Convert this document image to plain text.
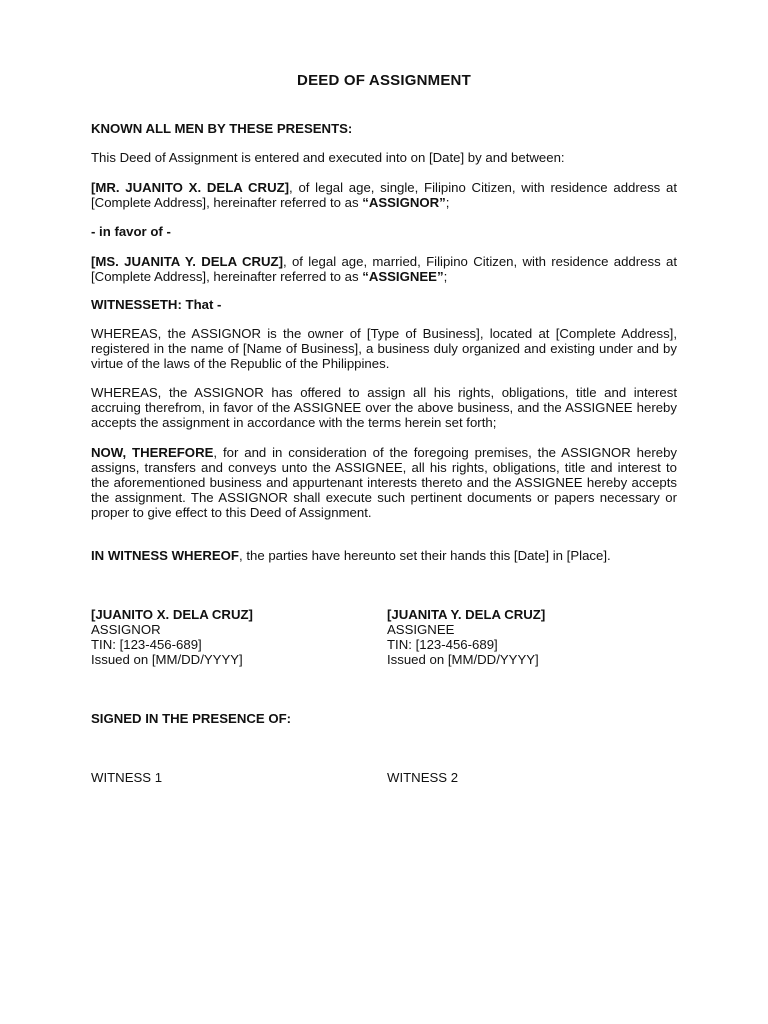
DEED OF ASSIGNMENT

KNOWN ALL MEN BY THESE PRESENTS:

This Deed of Assignment is entered and executed into on [Date] by and between:

[MR. JUANITO X. DELA CRUZ], of legal age, single, Filipino Citizen, with residence address at [Complete Address], hereinafter referred to as “ASSIGNOR”;

- in favor of -

[MS. JUANITA Y. DELA CRUZ], of legal age, married, Filipino Citizen, with residence address at [Complete Address], hereinafter referred to as “ASSIGNEE”;

WITNESSETH: That -

WHEREAS, the ASSIGNOR is the owner of [Type of Business], located at [Complete Address], registered in the name of [Name of Business], a business duly organized and existing under and by virtue of the laws of the Republic of the Philippines.

WHEREAS, the ASSIGNOR has offered to assign all his rights, obligations, title and interest accruing therefrom, in favor of the ASSIGNEE over the above business, and the ASSIGNEE hereby accepts the assignment in accordance with the terms herein set forth;

NOW, THEREFORE, for and in consideration of the foregoing premises, the ASSIGNOR hereby assigns, transfers and conveys unto the ASSIGNEE, all his rights, obligations, title and interest to the aforementioned business and appurtenant interests thereto and the ASSIGNEE hereby accepts the assignment. The ASSIGNOR shall execute such pertinent documents or papers necessary or proper to give effect to this Deed of Assignment.

IN WITNESS WHEREOF, the parties have hereunto set their hands this [Date] in [Place].

[JUANITO X. DELA CRUZ]
ASSIGNOR
TIN: [123-456-689]
Issued on [MM/DD/YYYY]
[JUANITA Y. DELA CRUZ]
ASSIGNEE
TIN: [123-456-689]
Issued on [MM/DD/YYYY]

SIGNED IN THE PRESENCE OF:

WITNESS 1	WITNESS 2
